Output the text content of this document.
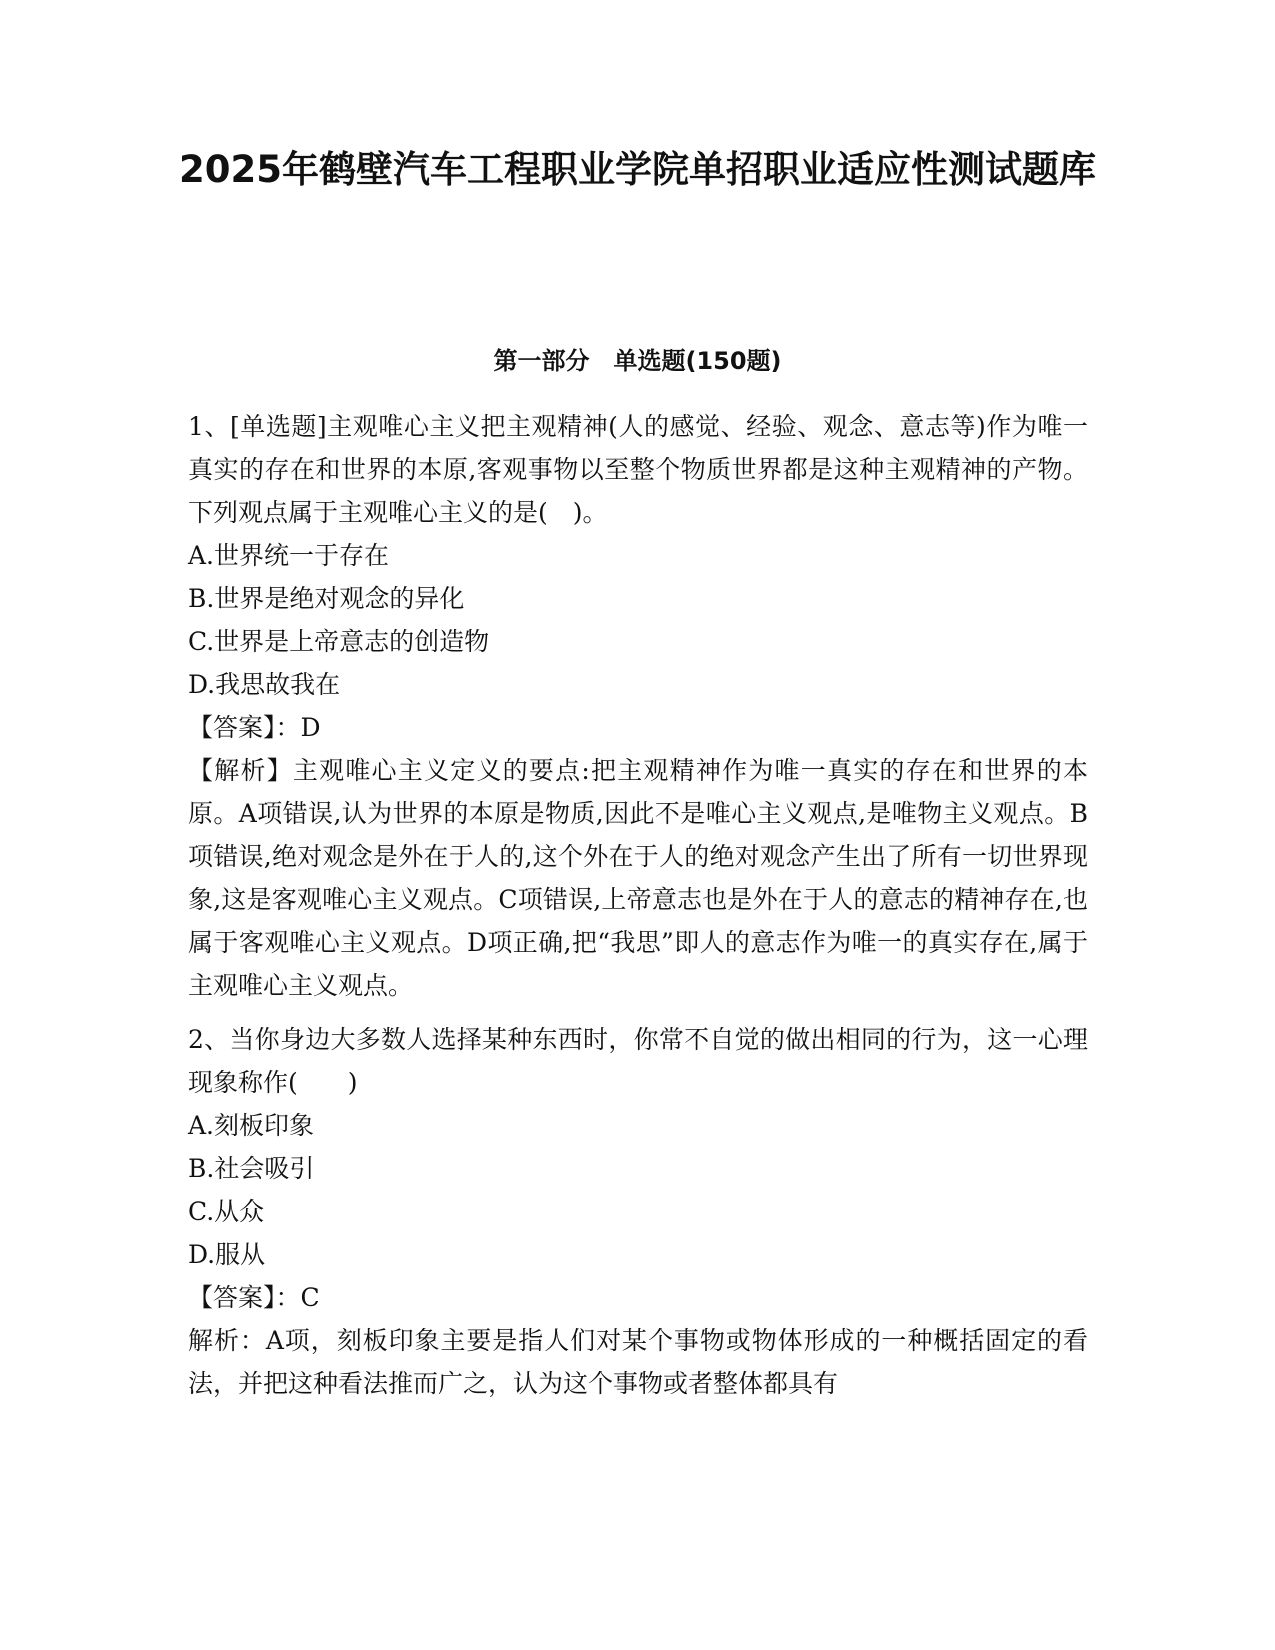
2025年鹤壁汽车工程职业学院单招职业适应性测试题库
第一部分　单选题(150题)

1、[单选题]主观唯心主义把主观精神(人的感觉、经验、观念、意志等)作为唯一真实的存在和世界的本原,客观事物以至整个物质世界都是这种主观精神的产物。下列观点属于主观唯心主义的是(　)。

A.世界统一于存在

B.世界是绝对观念的异化

C.世界是上帝意志的创造物

D.我思故我在

【答案】：D

【解析】主观唯心主义定义的要点:把主观精神作为唯一真实的存在和世界的本原。A项错误,认为世界的本原是物质,因此不是唯心主义观点,是唯物主义观点。B项错误,绝对观念是外在于人的,这个外在于人的绝对观念产生出了所有一切世界现象,这是客观唯心主义观点。C项错误,上帝意志也是外在于人的意志的精神存在,也属于客观唯心主义观点。D项正确,把“我思”即人的意志作为唯一的真实存在,属于主观唯心主义观点。

2、当你身边大多数人选择某种东西时，你常不自觉的做出相同的行为，这一心理现象称作(　　)

A.刻板印象

B.社会吸引

C.从众

D.服从

【答案】：C

解析：A项，刻板印象主要是指人们对某个事物或物体形成的一种概括固定的看法，并把这种看法推而广之，认为这个事物或者整体都具有
